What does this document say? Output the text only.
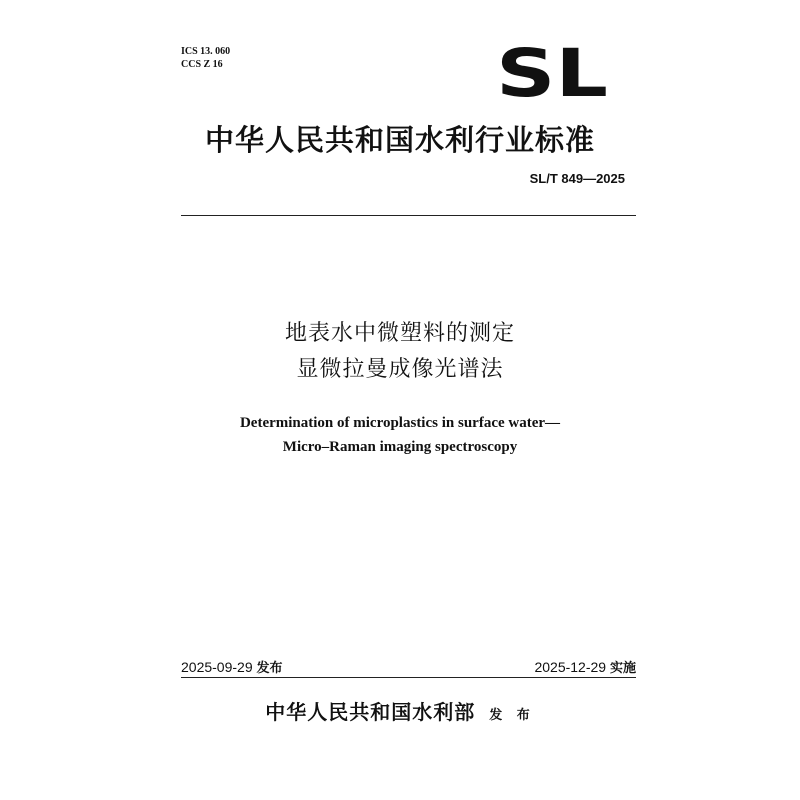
ICS 13. 060
CCS Z 16	SL
中华人民共和国水利行业标准
SL/T 849—2025
地表水中微塑料的测定
显微拉曼成像光谱法
Determination of microplastics in surface water—
Micro–Raman imaging spectroscopy
2025-09-29 发布	2025-12-29 实施
中华人民共和国水利部 发 布
